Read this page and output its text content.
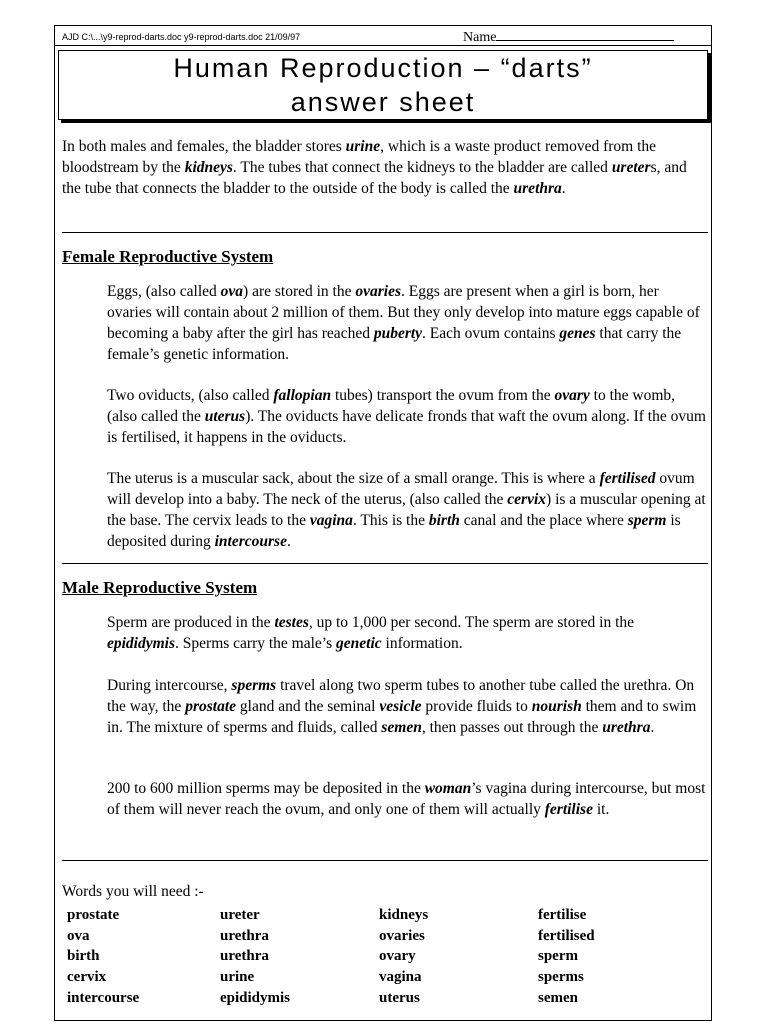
AJD C:\...\y9-reprod-darts.doc y9-reprod-darts.doc 21/09/97	Name
Human Reproduction – “darts”
answer sheet
In both males and females, the bladder stores urine, which is a waste product removed from the bloodstream by the kidneys. The tubes that connect the kidneys to the bladder are called ureters, and the tube that connects the bladder to the outside of the body is called the urethra.
Female Reproductive System
Eggs, (also called ova) are stored in the ovaries. Eggs are present when a girl is born, her ovaries will contain about 2 million of them. But they only develop into mature eggs capable of becoming a baby after the girl has reached puberty. Each ovum contains genes that carry the female’s genetic information.
Two oviducts, (also called fallopian tubes) transport the ovum from the ovary to the womb, (also called the uterus). The oviducts have delicate fronds that waft the ovum along. If the ovum is fertilised, it happens in the oviducts.
The uterus is a muscular sack, about the size of a small orange. This is where a fertilised ovum will develop into a baby. The neck of the uterus, (also called the cervix) is a muscular opening at the base. The cervix leads to the vagina. This is the birth canal and the place where sperm is deposited during intercourse.
Male Reproductive System
Sperm are produced in the testes, up to 1,000 per second. The sperm are stored in the epididymis. Sperms carry the male’s genetic information.
During intercourse, sperms travel along two sperm tubes to another tube called the urethra. On the way, the prostate gland and the seminal vesicle provide fluids to nourish them and to swim in. The mixture of sperms and fluids, called semen, then passes out through the urethra.
200 to 600 million sperms may be deposited in the woman’s vagina during intercourse, but most of them will never reach the ovum, and only one of them will actually fertilise it.
Words you will need :-
prostate
ova
birth
cervix
intercourse
ureter
urethra
urethra
urine
epididymis
kidneys
ovaries
ovary
vagina
uterus
fertilise
fertilised
sperm
sperms
semen
